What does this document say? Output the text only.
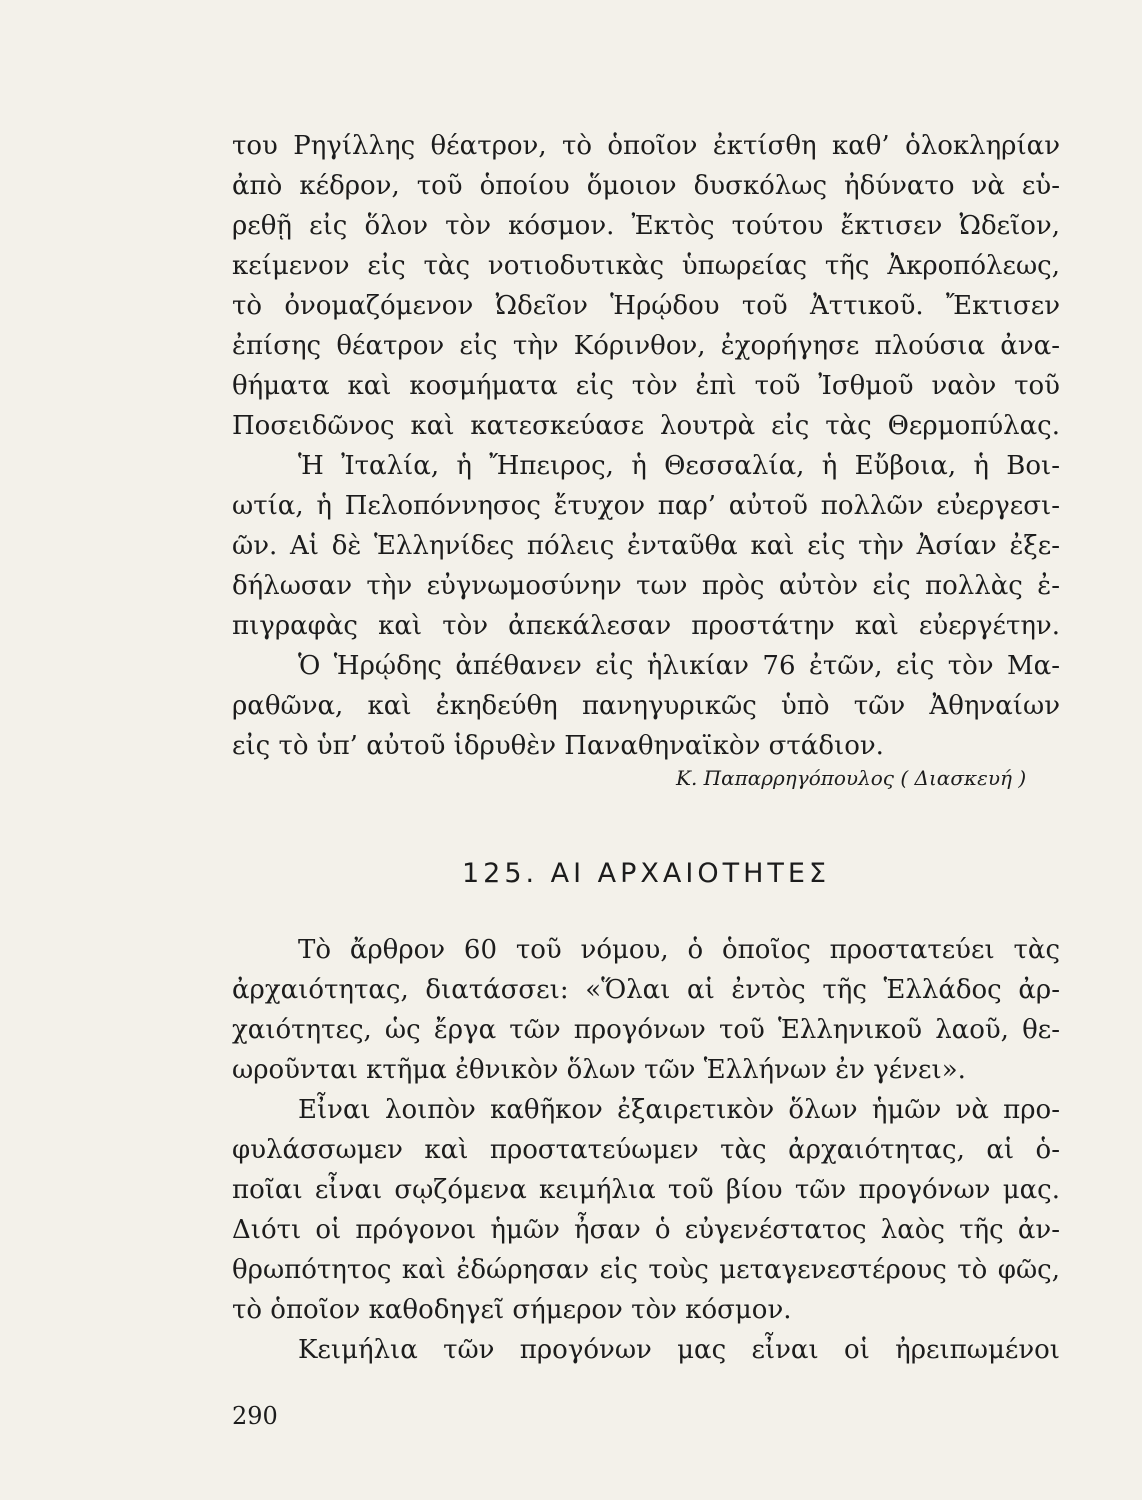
του Ρηγίλλης θέατρον, τὸ ὁποῖον ἐκτίσθη καθ’ ὁλοκληρίαν
ἀπὸ κέδρον, τοῦ ὁποίου ὅμοιον δυσκόλως ἠδύνατο νὰ εὑ-
ρεθῇ εἰς ὅλον τὸν κόσμον. Ἐκτὸς τούτου ἔκτισεν Ὠδεῖον,
κείμενον εἰς τὰς νοτιοδυτικὰς ὑπωρείας τῆς Ἀκροπόλεως,
τὸ ὀνομαζόμενον Ὠδεῖον Ἡρῴδου τοῦ Ἀττικοῦ. Ἔκτισεν
ἐπίσης θέατρον εἰς τὴν Κόρινθον, ἐχορήγησε πλούσια ἀνα-
θήματα καὶ κοσμήματα εἰς τὸν ἐπὶ τοῦ Ἰσθμοῦ ναὸν τοῦ
Ποσειδῶνος καὶ κατεσκεύασε λουτρὰ εἰς τὰς Θερμοπύλας.
Ἡ Ἰταλία, ἡ Ἤπειρος, ἡ Θεσσαλία, ἡ Εὔβοια, ἡ Βοι-
ωτία, ἡ Πελοπόννησος ἔτυχον παρ’ αὐτοῦ πολλῶν εὐεργεσι-
ῶν. Αἱ δὲ Ἑλληνίδες πόλεις ἐνταῦθα καὶ εἰς τὴν Ἀσίαν ἐξε-
δήλωσαν τὴν εὐγνωμοσύνην των πρὸς αὐτὸν εἰς πολλὰς ἐ-
πιγραφὰς καὶ τὸν ἀπεκάλεσαν προστάτην καὶ εὐεργέτην.
Ὁ Ἡρῴδης ἀπέθανεν εἰς ἡλικίαν 76 ἐτῶν, εἰς τὸν Μα-
ραθῶνα, καὶ ἐκηδεύθη πανηγυρικῶς ὑπὸ τῶν Ἀθηναίων
εἰς τὸ ὑπ’ αὐτοῦ ἱδρυθὲν Παναθηναϊκὸν στάδιον.
Κ. Παπαρρηγόπουλος ( Διασκευή )
125. ΑΙ ΑΡΧΑΙΟΤΗΤΕΣ
Τὸ ἄρθρον 60 τοῦ νόμου, ὁ ὁποῖος προστατεύει τὰς
ἀρχαιότητας, διατάσσει: «Ὅλαι αἱ ἐντὸς τῆς Ἑλλάδος ἀρ-
χαιότητες, ὡς ἔργα τῶν προγόνων τοῦ Ἑλληνικοῦ λαοῦ, θε-
ωροῦνται κτῆμα ἐθνικὸν ὅλων τῶν Ἑλλήνων ἐν γένει».
Εἶναι λοιπὸν καθῆκον ἐξαιρετικὸν ὅλων ἡμῶν νὰ προ-
φυλάσσωμεν καὶ προστατεύωμεν τὰς ἀρχαιότητας, αἱ ὁ-
ποῖαι εἶναι σῳζόμενα κειμήλια τοῦ βίου τῶν προγόνων μας.
Διότι οἱ πρόγονοι ἡμῶν ἦσαν ὁ εὐγενέστατος λαὸς τῆς ἀν-
θρωπότητος καὶ ἐδώρησαν εἰς τοὺς μεταγενεστέρους τὸ φῶς,
τὸ ὁποῖον καθοδηγεῖ σήμερον τὸν κόσμον.
Κειμήλια τῶν προγόνων μας εἶναι οἱ ἠρειπωμένοι
290
